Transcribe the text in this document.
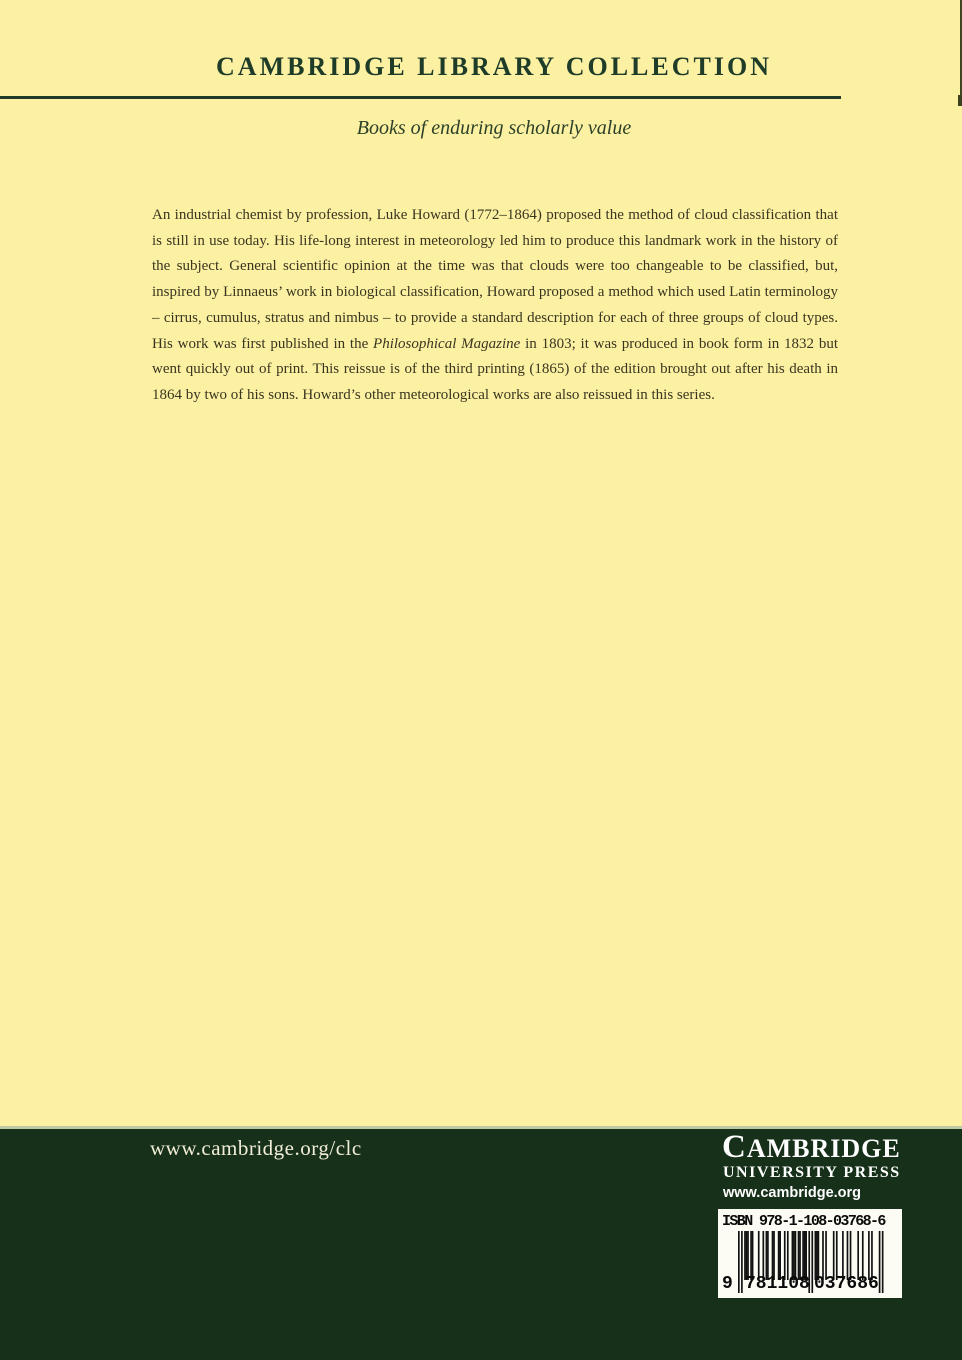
CAMBRIDGE LIBRARY COLLECTION
Books of enduring scholarly value

An industrial chemist by profession, Luke Howard (1772–1864) proposed the method of cloud classification that is still in use today. His life-long interest in meteorology led him to produce this landmark work in the history of the subject. General scientific opinion at the time was that clouds were too changeable to be classified, but, inspired by Linnaeus’ work in biological classification, Howard proposed a method which used Latin terminology – cirrus, cumulus, stratus and nimbus – to provide a standard description for each of three groups of cloud types. His work was first published in the Philosophical Magazine in 1803; it was produced in book form in 1832 but went quickly out of print. This reissue is of the third printing (1865) of the edition brought out after his death in 1864 by two of his sons. Howard’s other meteorological works are also reissued in this series.

www.cambridge.org/clc	C AMBRIDGE
UNIVERSITY PRESS
www.cambridge.org
ISBN 978-1-108-03768-6
9 781108 037686
